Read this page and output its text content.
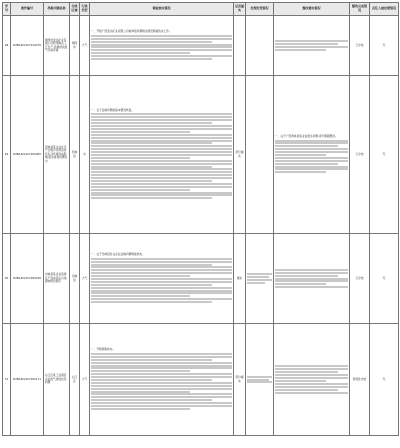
序号	案件编号	举报问题名称	行政区域	污染类型	调查核实情况	是否属实	处理处罚情况	整改落实情况	整改完成情况	责任人被处理情况
28	D2BA202107210276	靖西市金达矿业有限公司利用淘汰工艺生产,违规排放废气污染环境	靖西市	大气	一、开展广西金达矿业有限公司被举报问题相关情况调查核实工作。				已办结	无
29	D2BA202107200265	西林县某企业在生产过程中对周边村民生活环境造成影响,废水排放问题突出	西林县	水	一、关于反映问题的基本情况核查。	部分属实		一、关于广西西林县某企业废水问题,责令限期整改。	已办结	无
30	D2BA202107200236	田林县某企业违规生产造成扬尘污染,影响周边居民	田林县	大气	一、关于田林县有关企业反映问题调查核实。	属实			已办结	无
31	D2BA202107200171	右江区某工业园区企业废气排放扰民问题	右江区	大气	一、开展调查核实。	部分属实			阶段性办结	无
